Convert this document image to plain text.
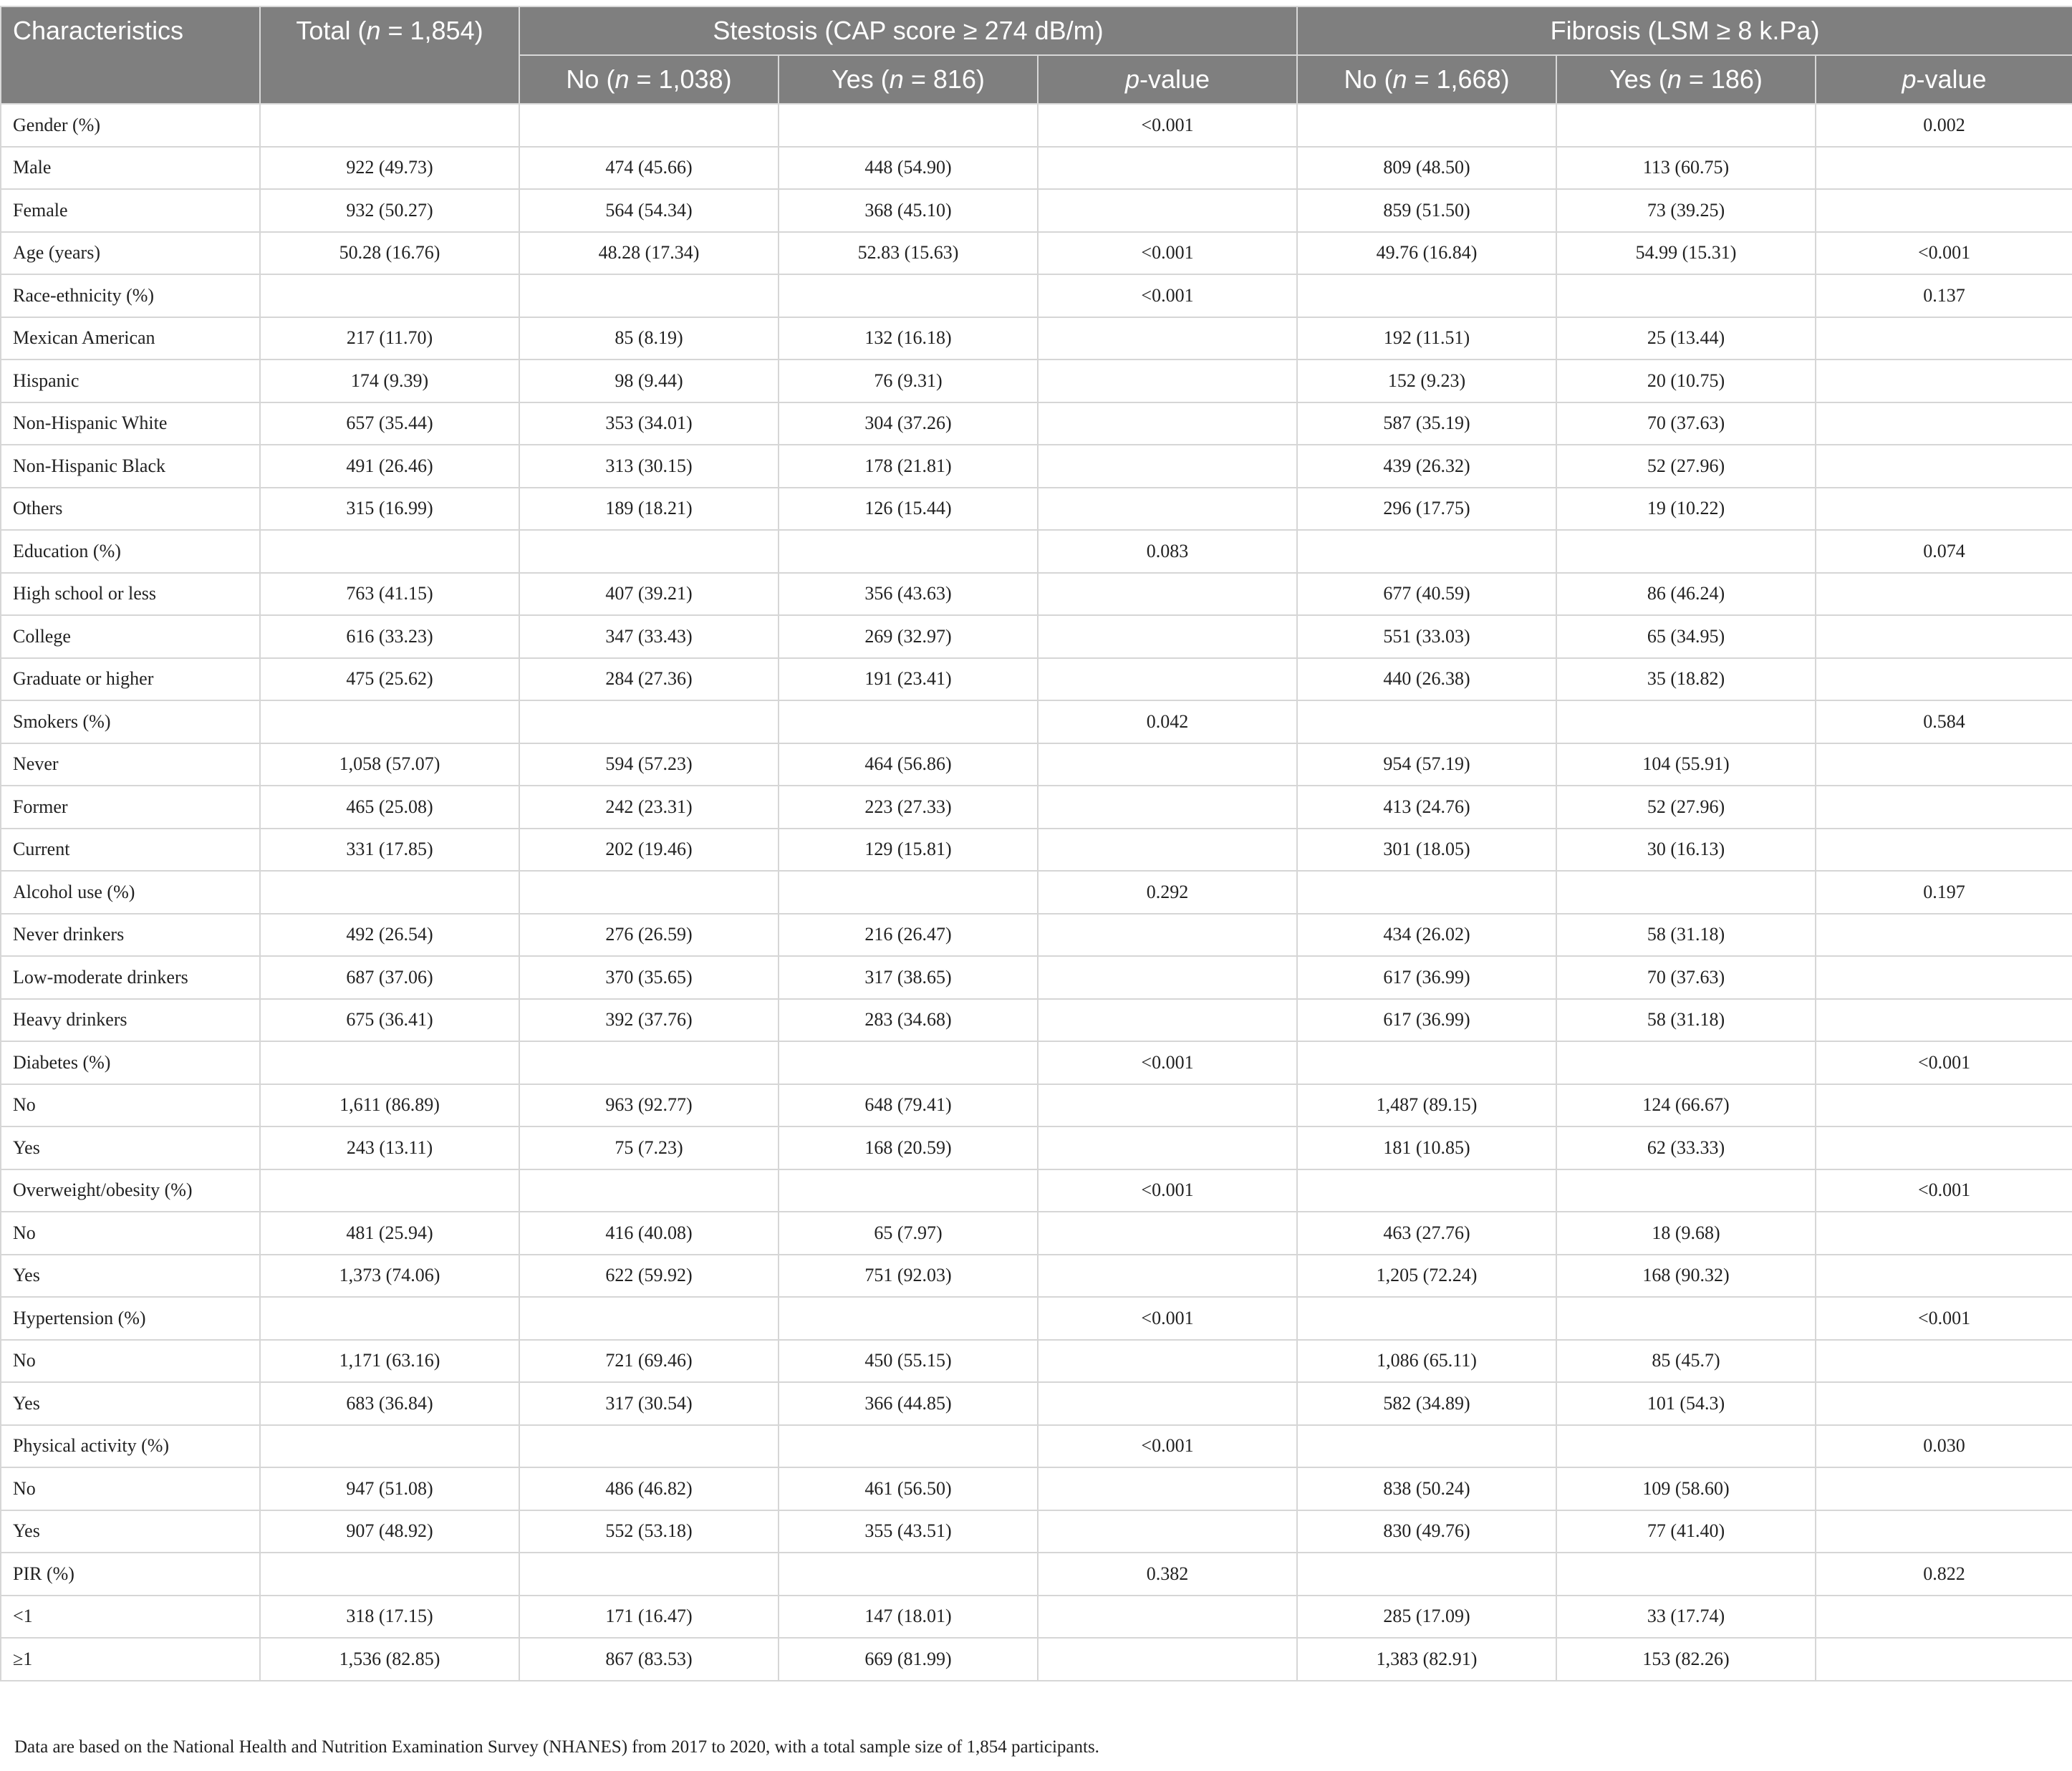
Characteristics	Total (n = 1,854)	Stestosis (CAP score ≥ 274 dB/m)			Fibrosis (LSM ≥ 8 k.Pa)		
		No (n = 1,038)	Yes (n = 816)	p-value	No (n = 1,668)	Yes (n = 186)	p-value
Gender (%)				<0.001			0.002
Male	922 (49.73)	474 (45.66)	448 (54.90)		809 (48.50)	113 (60.75)	
Female	932 (50.27)	564 (54.34)	368 (45.10)		859 (51.50)	73 (39.25)	
Age (years)	50.28 (16.76)	48.28 (17.34)	52.83 (15.63)	<0.001	49.76 (16.84)	54.99 (15.31)	<0.001
Race-ethnicity (%)				<0.001			0.137
Mexican American	217 (11.70)	85 (8.19)	132 (16.18)		192 (11.51)	25 (13.44)	
Hispanic	174 (9.39)	98 (9.44)	76 (9.31)		152 (9.23)	20 (10.75)	
Non-Hispanic White	657 (35.44)	353 (34.01)	304 (37.26)		587 (35.19)	70 (37.63)	
Non-Hispanic Black	491 (26.46)	313 (30.15)	178 (21.81)		439 (26.32)	52 (27.96)	
Others	315 (16.99)	189 (18.21)	126 (15.44)		296 (17.75)	19 (10.22)	
Education (%)				0.083			0.074
High school or less	763 (41.15)	407 (39.21)	356 (43.63)		677 (40.59)	86 (46.24)	
College	616 (33.23)	347 (33.43)	269 (32.97)		551 (33.03)	65 (34.95)	
Graduate or higher	475 (25.62)	284 (27.36)	191 (23.41)		440 (26.38)	35 (18.82)	
Smokers (%)				0.042			0.584
Never	1,058 (57.07)	594 (57.23)	464 (56.86)		954 (57.19)	104 (55.91)	
Former	465 (25.08)	242 (23.31)	223 (27.33)		413 (24.76)	52 (27.96)	
Current	331 (17.85)	202 (19.46)	129 (15.81)		301 (18.05)	30 (16.13)	
Alcohol use (%)				0.292			0.197
Never drinkers	492 (26.54)	276 (26.59)	216 (26.47)		434 (26.02)	58 (31.18)	
Low-moderate drinkers	687 (37.06)	370 (35.65)	317 (38.65)		617 (36.99)	70 (37.63)	
Heavy drinkers	675 (36.41)	392 (37.76)	283 (34.68)		617 (36.99)	58 (31.18)	
Diabetes (%)				<0.001			<0.001
No	1,611 (86.89)	963 (92.77)	648 (79.41)		1,487 (89.15)	124 (66.67)	
Yes	243 (13.11)	75 (7.23)	168 (20.59)		181 (10.85)	62 (33.33)	
Overweight/obesity (%)				<0.001			<0.001
No	481 (25.94)	416 (40.08)	65 (7.97)		463 (27.76)	18 (9.68)	
Yes	1,373 (74.06)	622 (59.92)	751 (92.03)		1,205 (72.24)	168 (90.32)	
Hypertension (%)				<0.001			<0.001
No	1,171 (63.16)	721 (69.46)	450 (55.15)		1,086 (65.11)	85 (45.7)	
Yes	683 (36.84)	317 (30.54)	366 (44.85)		582 (34.89)	101 (54.3)	
Physical activity (%)				<0.001			0.030
No	947 (51.08)	486 (46.82)	461 (56.50)		838 (50.24)	109 (58.60)	
Yes	907 (48.92)	552 (53.18)	355 (43.51)		830 (49.76)	77 (41.40)	
PIR (%)				0.382			0.822
<1	318 (17.15)	171 (16.47)	147 (18.01)		285 (17.09)	33 (17.74)	
≥1	1,536 (82.85)	867 (83.53)	669 (81.99)		1,383 (82.91)	153 (82.26)	
Data are based on the National Health and Nutrition Examination Survey (NHANES) from 2017 to 2020, with a total sample size of 1,854 participants.
